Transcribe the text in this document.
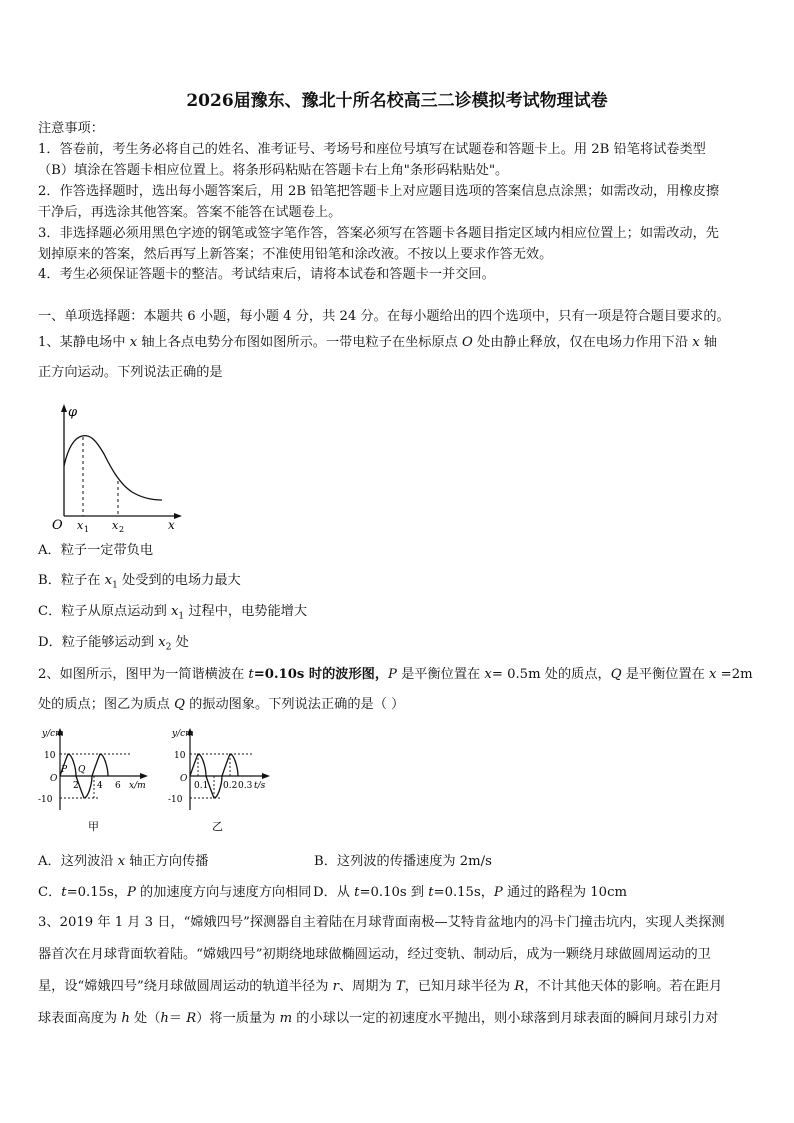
2026届豫东、豫北十所名校高三二诊模拟考试物理试卷
注意事项：
1．答卷前，考生务必将自己的姓名、准考证号、考场号和座位号填写在试题卷和答题卡上。用 2B 铅笔将试卷类型
（B）填涂在答题卡相应位置上。将条形码粘贴在答题卡右上角"条形码粘贴处"。
2．作答选择题时，选出每小题答案后，用 2B 铅笔把答题卡上对应题目选项的答案信息点涂黑；如需改动，用橡皮擦
干净后，再选涂其他答案。答案不能答在试题卷上。
3．非选择题必须用黑色字迹的钢笔或签字笔作答，答案必须写在答题卡各题目指定区域内相应位置上；如需改动，先
划掉原来的答案，然后再写上新答案；不准使用铅笔和涂改液。不按以上要求作答无效。
4．考生必须保证答题卡的整洁。考试结束后，请将本试卷和答题卡一并交回。
一、单项选择题：本题共 6 小题，每小题 4 分，共 24 分。在每小题给出的四个选项中，只有一项是符合题目要求的。
1、某静电场中 x 轴上各点电势分布图如图所示。一带电粒子在坐标原点 O 处由静止释放，仅在电场力作用下沿 x 轴
正方向运动。下列说法正确的是
φ
O x 1 x 2	x
A．粒子一定带负电
B．粒子在 $x_1$ 处受到的电场力最大
C．粒子从原点运动到 $x_1$ 过程中，电势能增大
D．粒子能够运动到 $x_2$ 处
2、如图所示，图甲为一简谐横波在 t=0.10s 时的波形图，P 是平衡位置在 x= 0.5m 处的质点，Q 是平衡位置在 x =2m
处的质点；图乙为质点 Q 的振动图象。下列说法正确的是（ ）
y/cm
10
-10
O
P Q
2 4 6 x/m
甲
y/cm
10
-10
O
0.1 0.2 0.3 t/s
乙
A．这列波沿 x 轴正方向传播	B．这列波的传播速度为 2m/s
C．t=0.15s，P 的加速度方向与速度方向相同 D．从 t=0.10s 到 t=0.15s，P 通过的路程为 10cm
3、2019 年 1 月 3 日，“嫦娥四号”探测器自主着陆在月球背面南极—艾特肯盆地内的冯卡门撞击坑内，实现人类探测
器首次在月球背面软着陆。“嫦娥四号”初期绕地球做椭圆运动，经过变轨、制动后，成为一颗绕月球做圆周运动的卫
星，设“嫦娥四号”绕月球做圆周运动的轨道半径为 r、周期为 T，已知月球半径为 R，不计其他天体的影响。若在距月
球表面高度为 h 处（h＝ R）将一质量为 m 的小球以一定的初速度水平抛出，则小球落到月球表面的瞬间月球引力对
